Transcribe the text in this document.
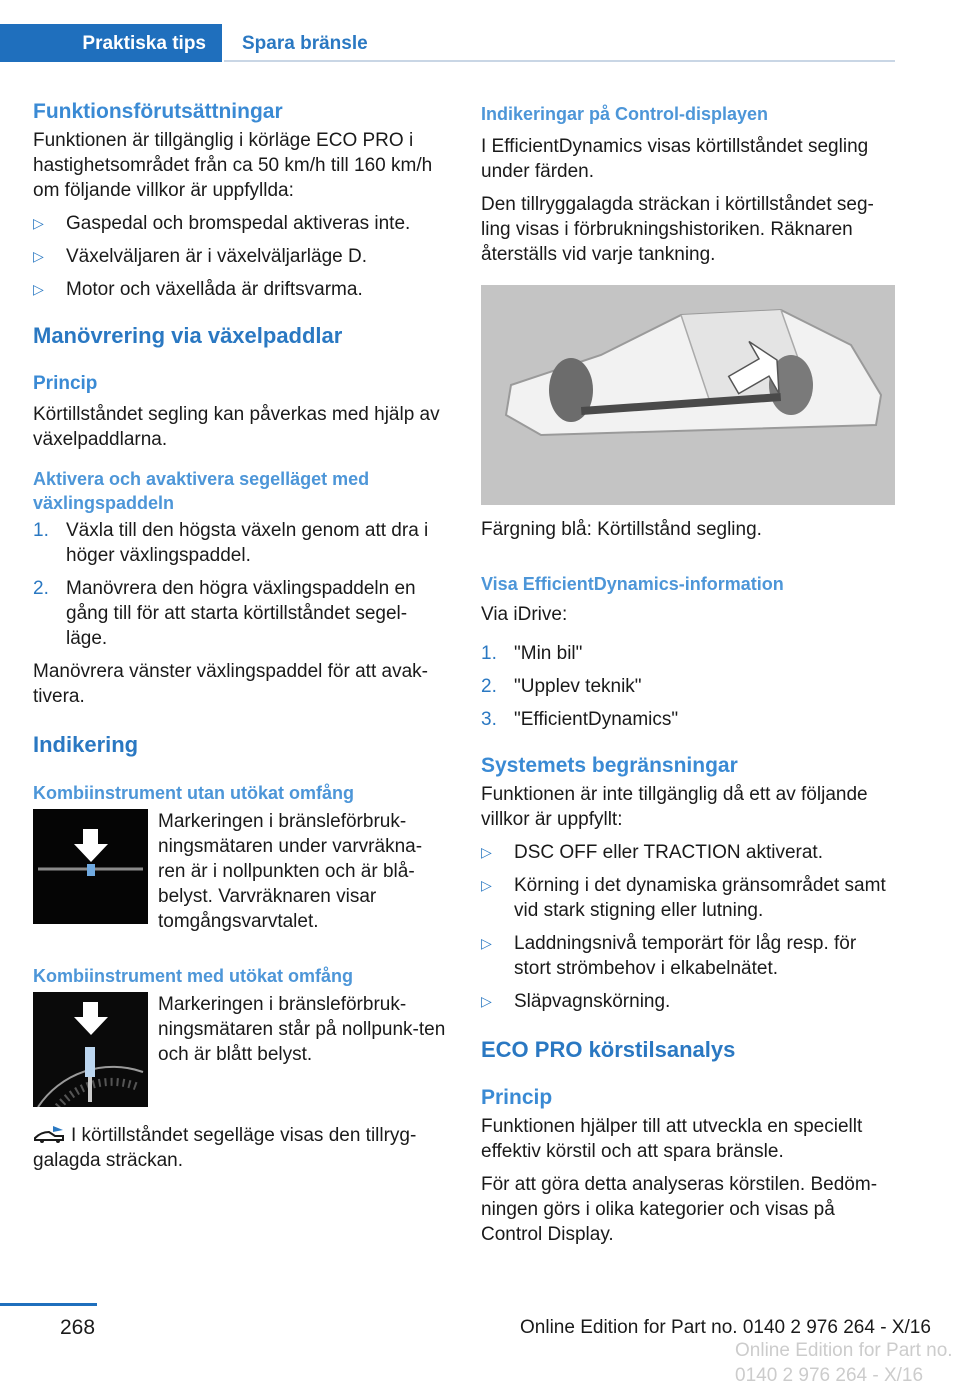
Praktiska tips	Spara bränsle
Funktionsförutsättningar

Funktionen är tillgänglig i körläge ECO PRO i hastighetsområdet från ca 50 km/h till 160 km/h om följande villkor är uppfyllda:

▷	Gaspedal och bromspedal aktiveras inte.
▷	Växelväljaren är i växelväljarläge D.
▷	Motor och växellåda är driftsvarma.
Manövrering via växelpaddlar
Princip

Körtillståndet segling kan påverkas med hjälp av växelpaddlarna.

Aktivera och avaktivera segelläget med växlingspaddeln
1. Växla till den högsta växeln genom att dra i höger växlingspaddel.
2. Manövrera den högra växlingspaddeln en gång till för att starta körtillståndet segel-läge.

Manövrera vänster växlingspaddel för att avak-tivera.

Indikering
Kombiinstrument utan utökat omfång
Markeringen i bränsleförbruk-ningsmätaren under varvräkna-ren är i nollpunkten och är blå-belyst. Varvräknaren visar tomgångsvarvtalet.
Kombiinstrument med utökat omfång
Markeringen i bränsleförbruk-ningsmätaren står på nollpunk-ten och är blått belyst.
I körtillståndet segelläge visas den tillryg-galagda sträckan.
Indikeringar på Control-displayen

I EfficientDynamics visas körtillståndet segling under färden.

Den tillryggalagda sträckan i körtillståndet seg-ling visas i förbrukningshistoriken. Räknaren återställs vid varje tankning.

Färgning blå: Körtillstånd segling.

Visa EfficientDynamics-information

Via iDrive:

1. "Min bil"
2. "Upplev teknik"
3. "EfficientDynamics"
Systemets begränsningar

Funktionen är inte tillgänglig då ett av följande villkor är uppfyllt:

▷	DSC OFF eller TRACTION aktiverat.
▷	Körning i det dynamiska gränsområdet samt vid stark stigning eller lutning.
▷	Laddningsnivå temporärt för låg resp. för stort strömbehov i elkabelnätet.
▷	Släpvagnskörning.
ECO PRO körstilsanalys
Princip

Funktionen hjälper till att utveckla en speciellt effektiv körstil och att spara bränsle.

För att göra detta analyseras körstilen. Bedöm-ningen görs i olika kategorier och visas på Control Display.

268	Online Edition for Part no. 0140 2 976 264 - X/16
Online Edition for Part no. 0140 2 976 264 - X/16
